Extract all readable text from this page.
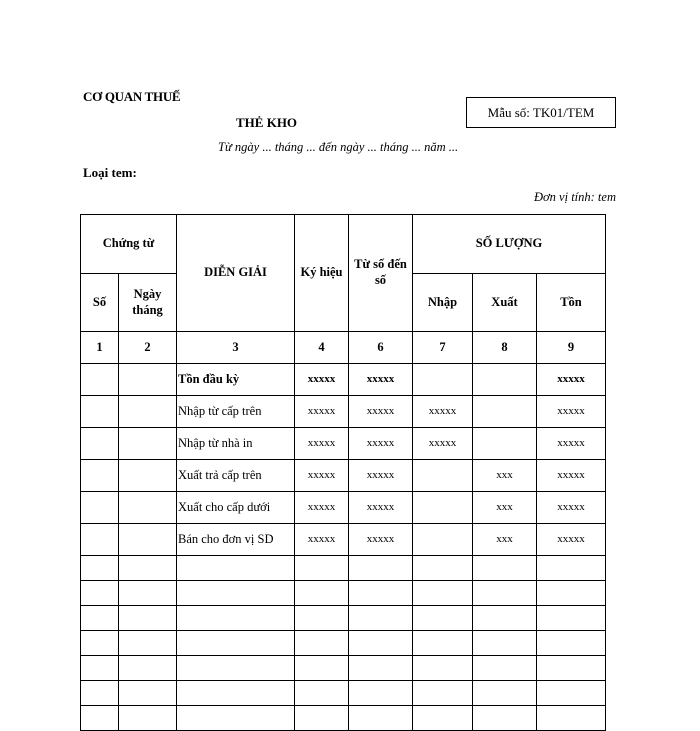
CƠ QUAN THUẾ
Mẫu số: TK01/TEM
THẺ KHO
Từ ngày ... tháng ... đến ngày ... tháng ... năm ...
Loại tem:
Đơn vị tính: tem
Chứng từ		DIỄN GIẢI	Ký hiệu	Từ số đến số	SỐ LƯỢNG		
Số	Ngày tháng				Nhập	Xuất	Tồn
1	2	3	4	6	7	8	9
		Tồn đầu kỳ	xxxxx	xxxxx			xxxxx
		Nhập từ cấp trên	xxxxx	xxxxx	xxxxx		xxxxx
		Nhập từ nhà in	xxxxx	xxxxx	xxxxx		xxxxx
		Xuất trả cấp trên	xxxxx	xxxxx		xxx	xxxxx
		Xuất cho cấp dưới	xxxxx	xxxxx		xxx	xxxxx
		Bán cho đơn vị SD	xxxxx	xxxxx		xxx	xxxxx
